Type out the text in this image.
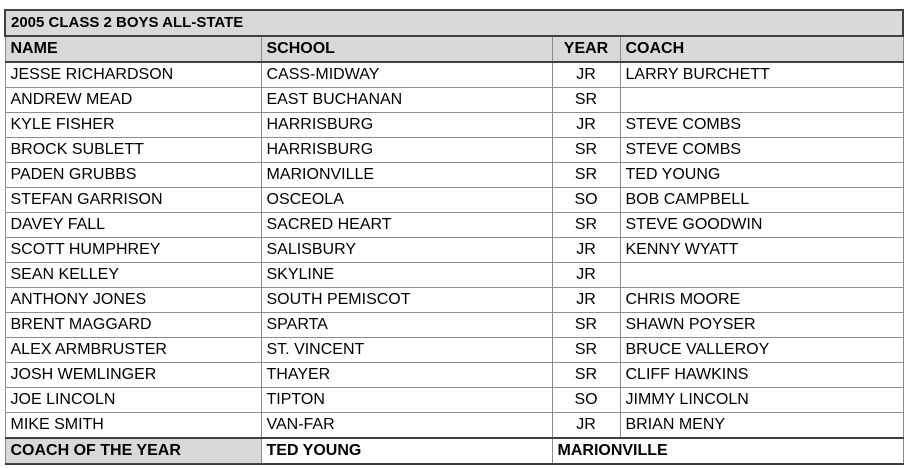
2005 CLASS 2 BOYS ALL-STATE			
NAME	SCHOOL	YEAR	COACH
JESSE RICHARDSON	CASS-MIDWAY	JR	LARRY BURCHETT
ANDREW MEAD	EAST BUCHANAN	SR	
KYLE FISHER	HARRISBURG	JR	STEVE COMBS
BROCK SUBLETT	HARRISBURG	SR	STEVE COMBS
PADEN GRUBBS	MARIONVILLE	SR	TED YOUNG
STEFAN GARRISON	OSCEOLA	SO	BOB CAMPBELL
DAVEY FALL	SACRED HEART	SR	STEVE GOODWIN
SCOTT HUMPHREY	SALISBURY	JR	KENNY WYATT
SEAN KELLEY	SKYLINE	JR	
ANTHONY JONES	SOUTH PEMISCOT	JR	CHRIS MOORE
BRENT MAGGARD	SPARTA	SR	SHAWN POYSER
ALEX ARMBRUSTER	ST. VINCENT	SR	BRUCE VALLEROY
JOSH WEMLINGER	THAYER	SR	CLIFF HAWKINS
JOE LINCOLN	TIPTON	SO	JIMMY LINCOLN
MIKE SMITH	VAN-FAR	JR	BRIAN MENY
COACH OF THE YEAR	TED YOUNG	MARIONVILLE	
